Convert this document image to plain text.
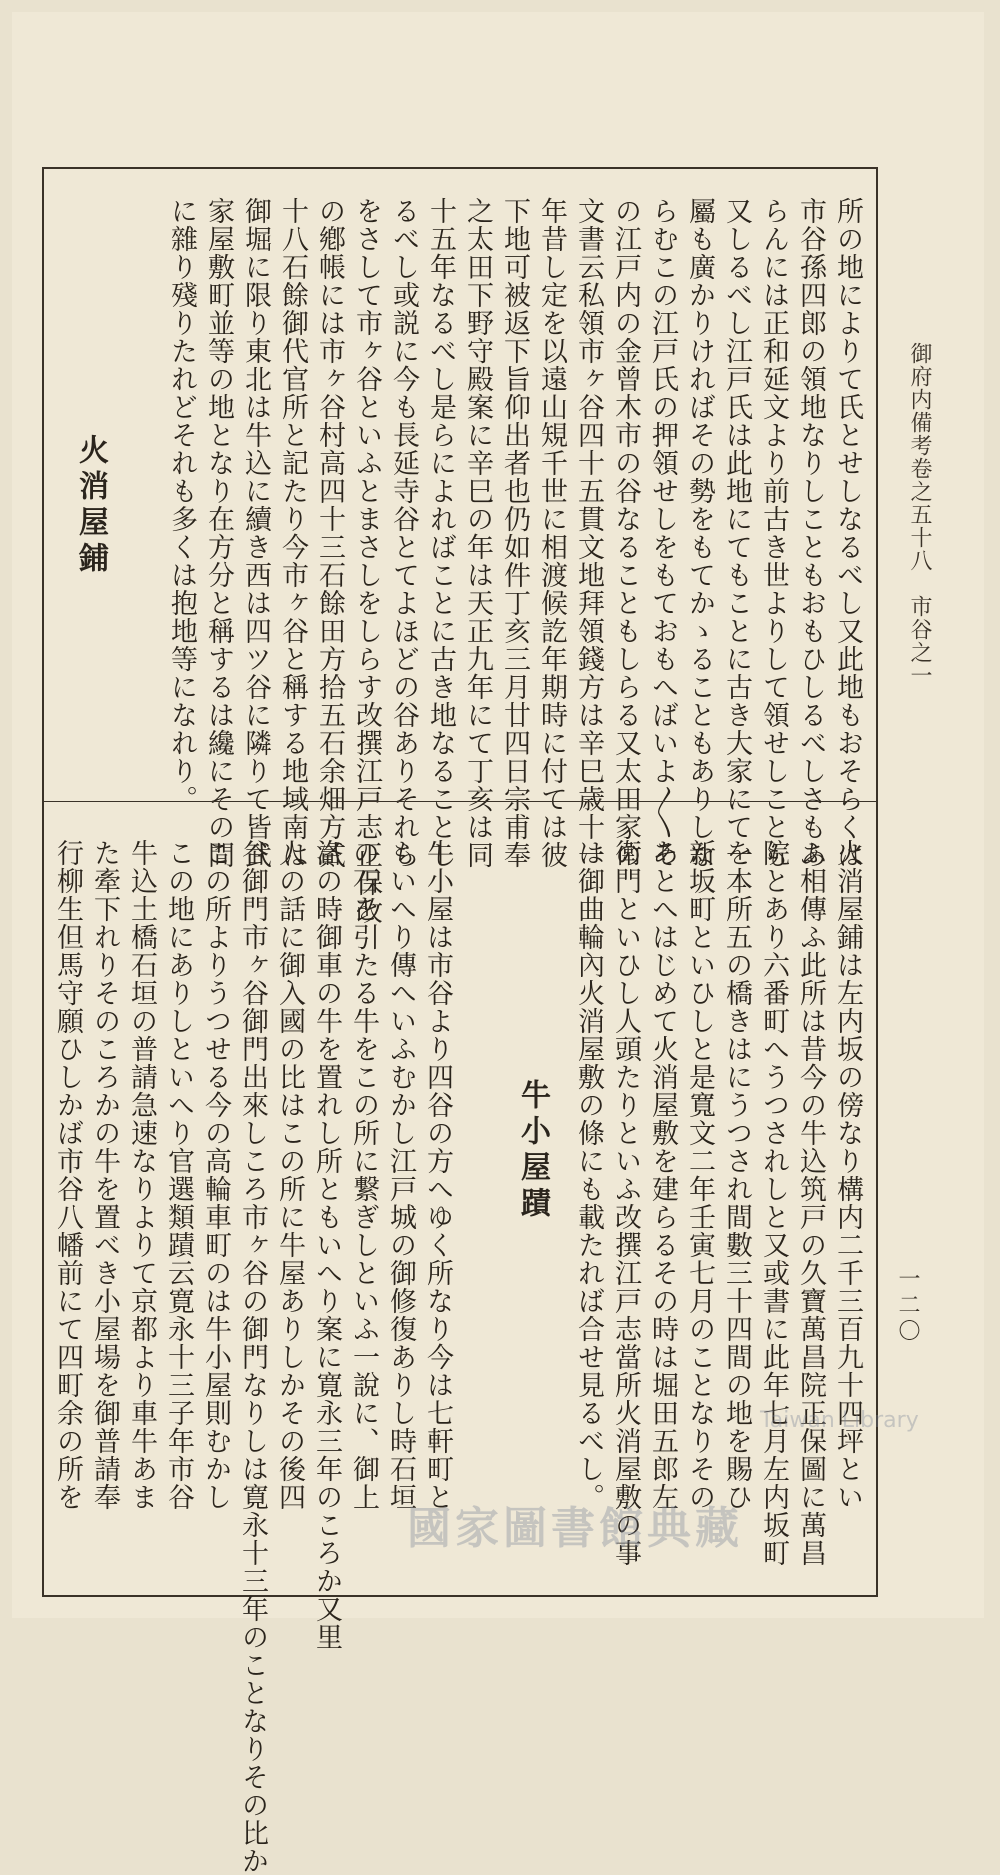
御府内備考卷之五十八　市谷之一
所の地によりて氏とせしなるべし又此地もおそらくは
市谷孫四郎の領地なりしこともおもひしるべしさもあ
らんには正和延文より前古き世よりして領せしことも
又しるべし江戸氏は此地にてもことに古き大家にて一
屬も廣かりければその勢をもてかゝることもありしな
らむこの江戸氏の押領せしをもておもへばいよ〳〵そ
の江戸内の金曾木市の谷なることもしらる又太田家の
文書云私領市ヶ谷四十五貫文地拜領錢方は辛巳歳十一
年昔し定を以遠山䂓千世に相渡候訖年期時に付ては彼
下地可被返下旨仰出者也仍如件丁亥三月廿四日宗甫奉
之太田下野守殿案に辛巳の年は天正九年にて丁亥は同
十五年なるべし是らによればことに古き地なることし
るべし或説に今も長延寺谷とてよほどの谷ありそれら
をさして市ヶ谷といふとまさしをしらす改撰江戸志正保改
の鄕帳には市ヶ谷村高四十三石餘田方拾五石余畑方貳
十八石餘御代官所と記たり今市ヶ谷と稱する地域南は
御堀に限り東北は牛込に續き西は四ツ谷に隣りて皆武
家屋敷町並等の地となり在方分と稱するは纔にその間
に雜り殘りたれどそれも多くは抱地等になれり。
火消屋鋪
火消屋鋪は左内坂の傍なり構内二千三百九十四坪とい
ふ相傳ふ此所は昔今の牛込筑戸の久寶萬昌院正保圖に萬昌
院とあり六番町へうつされしと又或書に此年七月左内坂町
を本所五の橋きはにうつされ間數三十四間の地を賜ひ
新坂町といひしと是寬文二年壬寅七月のことなりその
あとへはじめて火消屋敷を建らるその時は堀田五郎左
衛門といひし人頭たりといふ改撰江戸志當所火消屋敷の事
は御曲輪內火消屋敷の條にも載たれば合せ見るべし。
牛小屋蹟
牛小屋は市谷より四谷の方へゆく所なり今は七軒町と
もいへり傳へいふむかし江戸城の御修復ありし時石垣
の石を引たる牛をこの所に繋ぎしといふ一說に、御上
洛の時御車の牛を置れし所ともいへり案に寛永三年のころか又里
人の話に御入國の比はこの所に牛屋ありしかその後四
谷御門市ヶ谷御門出來しころ市ヶ谷の御門なりしは寛永十三年のことなりその比か
この所よりうつせる今の高輪車町のは牛小屋則むかし
この地にありしといへり官選類蹟云寛永十三子年市谷
牛込土橋石垣の普請急速なりよりて京都より車牛あま
た牽下れりそのころかの牛を置べき小屋場を御普請奉
行柳生但馬守願ひしかば市谷八幡前にて四町余の所を	一二〇
Taiwan Library
國家圖書館典藏
